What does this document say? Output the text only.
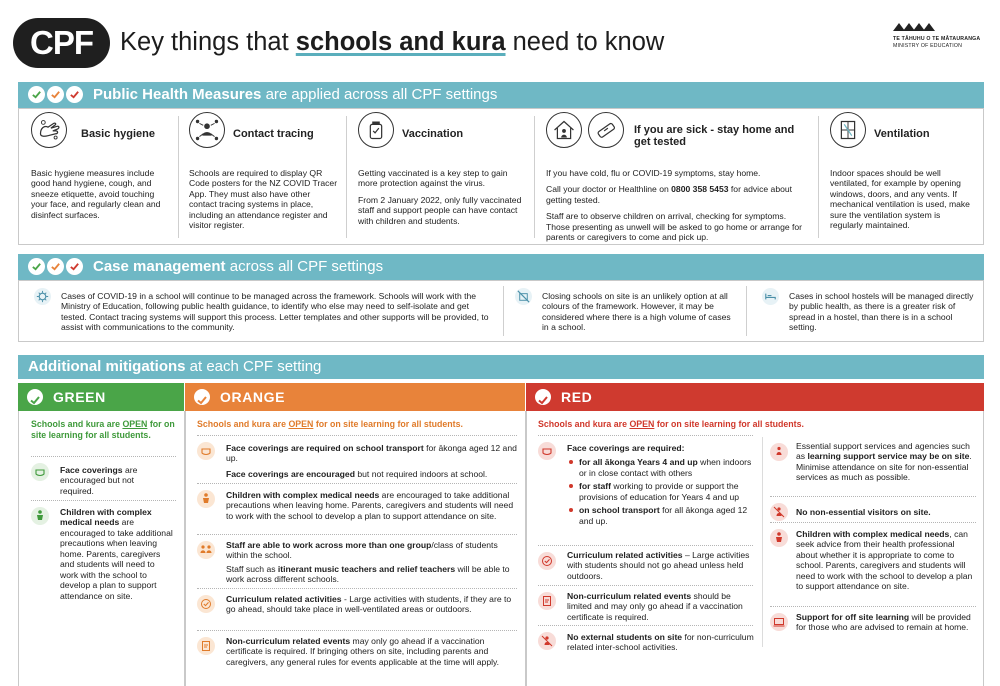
CPF	Key things that schools and kura need to know	TE TĀHUHU O TE MĀTAURANGA
MINISTRY OF EDUCATION
Public Health Measures are applied across all CPF settings
Basic hygiene

Basic hygiene measures include good hand hygiene, cough, and sneeze etiquette, avoid touching your face, and regularly clean and disinfect surfaces.

Contact tracing

Schools are required to display QR Code posters for the NZ COVID Tracer App. They must also have other contact tracing systems in place, including an attendance register and visitor register.

Vaccination

Getting vaccinated is a key step to gain more protection against the virus.

From 2 January 2022, only fully vaccinated staff and support people can have contact with children and students.

If you are sick - stay home and get tested

If you have cold, flu or COVID-19 symptoms, stay home.

Call your doctor or Healthline on 0800 358 5453 for advice about getting tested.

Staff are to observe children on arrival, checking for symptoms. Those presenting as unwell will be asked to go home or arrange for parents or caregivers to come and pick up.

Ventilation

Indoor spaces should be well ventilated, for example by opening windows, doors, and any vents. If mechanical ventilation is used, make sure the ventilation system is regularly maintained.

Case management across all CPF settings
Cases of COVID-19 in a school will continue to be managed across the framework. Schools will work with the Ministry of Education, following public health guidance, to identify who else may need to self-isolate and get tested. Contact tracing systems will support this process. Letter templates and other supports will be provided, to assist with communications to the community.
Closing schools on site is an unlikely option at all colours of the framework. However, it may be considered where there is a high volume of cases in a school.
Cases in school hostels will be managed directly by public health, as there is a greater risk of spread in a hostel, than there is in a school setting.
Additional mitigations at each CPF setting
GREEN	ORANGE	RED
Schools and kura are OPEN for on site learning for all students.
Face coverings are encouraged but not required.
Children with complex medical needs are encouraged to take additional precautions when leaving home. Parents, caregivers and students will need to work with the school to develop a plan to support attendance on site.
Schools and kura are OPEN for on site learning for all students.
Face coverings are required on school transport for ākonga aged 12 and up.
Face coverings are encouraged but not required indoors at school.
Children with complex medical needs are encouraged to take additional precautions when leaving home. Parents, caregivers and students will need to work with the school to develop a plan to support attendance on site.
Staff are able to work across more than one group/class of students within the school.
Staff such as itinerant music teachers and relief teachers will be able to work across different schools.
Curriculum related activities - Large activities with students, if they are to go ahead, should take place in well-ventilated areas or outdoors.
Non-curriculum related events may only go ahead if a vaccination certificate is required. If bringing others on site, including parents and caregivers, any general rules for events applicable at the time will apply.
Schools and kura are OPEN for on site learning for all students.
Face coverings are required:
for all ākonga Years 4 and up when indoors or in close contact with others
for staff working to provide or support the provisions of education for Years 4 and up
on school transport for all ākonga aged 12 and up.
Curriculum related activities – Large activities with students should not go ahead unless held outdoors.
Non-curriculum related events should be limited and may only go ahead if a vaccination certificate is required.
No external students on site for non-curriculum related inter-school activities.
Essential support services and agencies such as learning support service may be on site. Minimise attendance on site for non-essential services as much as possible.
No non-essential visitors on site.
Children with complex medical needs, can seek advice from their health professional about whether it is appropriate to come to school. Parents, caregivers and students will need to work with the school to develop a plan to support attendance on site.
Support for off site learning will be provided for those who are advised to remain at home.
